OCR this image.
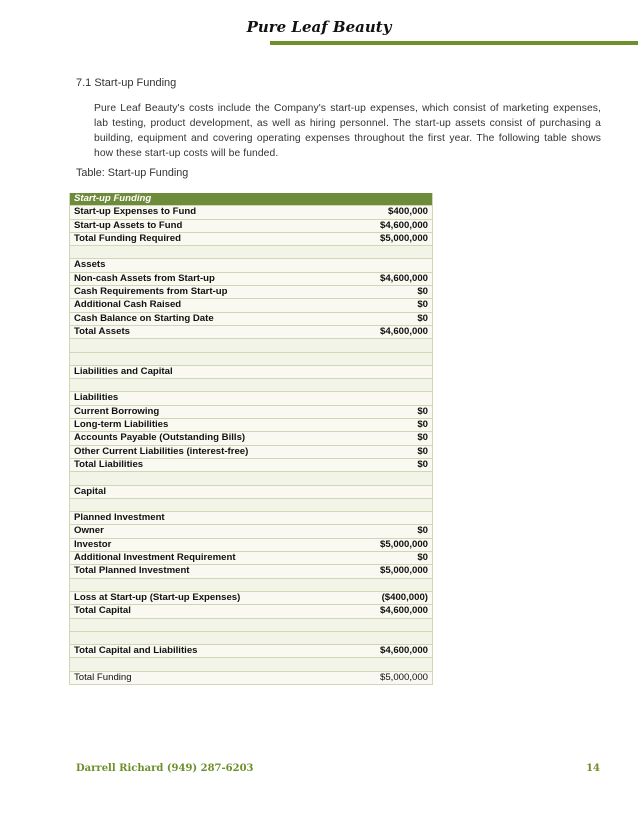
Pure Leaf Beauty
7.1 Start-up Funding
Pure Leaf Beauty's costs include the Company's start-up expenses, which consist of marketing expenses, lab testing, product development, as well as hiring personnel. The start-up assets consist of purchasing a building, equipment and covering operating expenses throughout the first year. The following table shows how these start-up costs will be funded.
Table: Start-up Funding
Start-up Funding	
Start-up Expenses to Fund	$400,000
Start-up Assets to Fund	$4,600,000
Total Funding Required	$5,000,000

Assets	
Non-cash Assets from Start-up	$4,600,000
Cash Requirements from Start-up	$0
Additional Cash Raised	$0
Cash Balance on Starting Date	$0
Total Assets	$4,600,000

Liabilities and Capital	

Liabilities	
Current Borrowing	$0
Long-term Liabilities	$0
Accounts Payable (Outstanding Bills)	$0
Other Current Liabilities (interest-free)	$0
Total Liabilities	$0

Capital	

Planned Investment	
Owner	$0
Investor	$5,000,000
Additional Investment Requirement	$0
Total Planned Investment	$5,000,000

Loss at Start-up (Start-up Expenses)	($400,000)
Total Capital	$4,600,000

Total Capital and Liabilities	$4,600,000

Total Funding	$5,000,000
Darrell Richard (949) 287-6203	14
